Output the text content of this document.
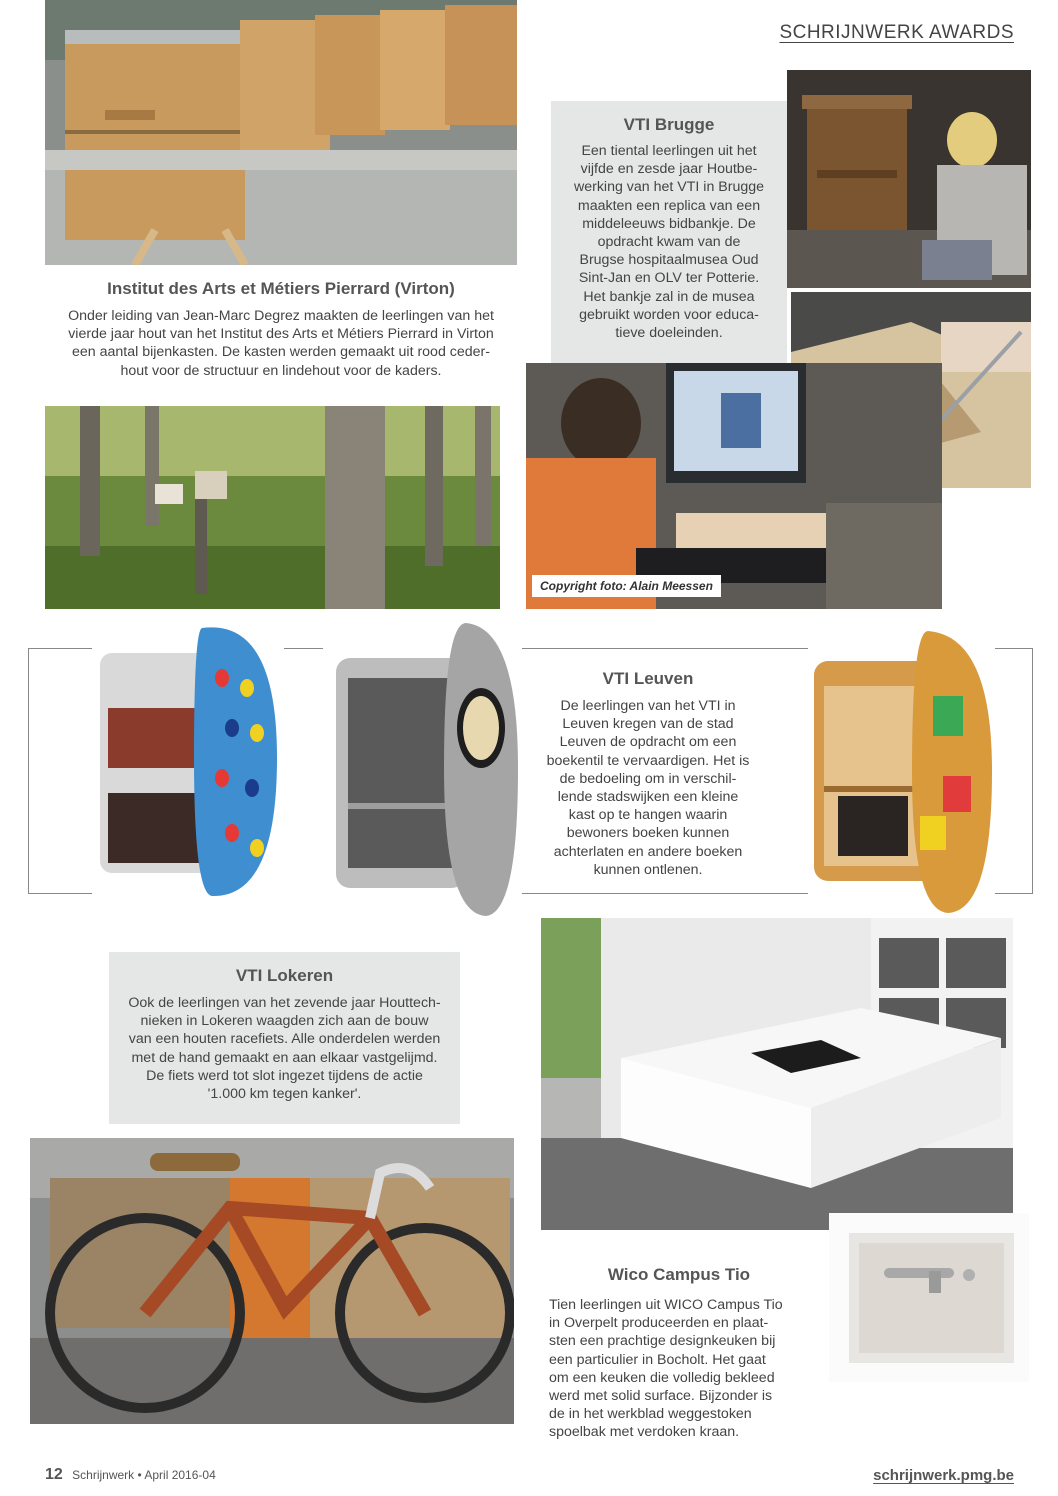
SCHRIJNWERK AWARDS

Institut des Arts et Métiers Pierrard (Virton)

Onder leiding van Jean-Marc Degrez maakten de leerlingen van het

vierde jaar hout van het Institut des Arts et Métiers Pierrard in Virton

een aantal bijenkasten. De kasten werden gemaakt uit rood ceder-

hout voor de structuur en lindehout voor de kaders.

VTI Brugge

Een tiental leerlingen uit het

vijfde en zesde jaar Houtbe-

werking van het VTI in Brugge

maakten een replica van een

middeleeuws bidbankje. De

opdracht kwam van de

Brugse hospitaalmusea Oud

Sint-Jan en OLV ter Potterie.

Het bankje zal in de musea

gebruikt worden voor educa-

tieve doeleinden.

Copyright foto: Alain Meessen

VTI Leuven

De leerlingen van het VTI in

Leuven kregen van de stad

Leuven de opdracht om een

boekentil te vervaardigen. Het is

de bedoeling om in verschil-

lende stadswijken een kleine

kast op te hangen waarin

bewoners boeken kunnen

achterlaten en andere boeken

kunnen ontlenen.

VTI Lokeren

Ook de leerlingen van het zevende jaar Houttech-

nieken in Lokeren waagden zich aan de bouw

van een houten racefiets. Alle onderdelen werden

met de hand gemaakt en aan elkaar vastgelijmd.

De fiets werd tot slot ingezet tijdens de actie

'1.000 km tegen kanker'.

Wico Campus Tio

Tien leerlingen uit WICO Campus Tio

in Overpelt produceerden en plaat-

sten een prachtige designkeuken bij

een particulier in Bocholt. Het gaat

om een keuken die volledig bekleed

werd met solid surface. Bijzonder is

de in het werkblad weggestoken

spoelbak met verdoken kraan.

12 Schrijnwerk • April 2016-04	schrijnwerk.pmg.be
